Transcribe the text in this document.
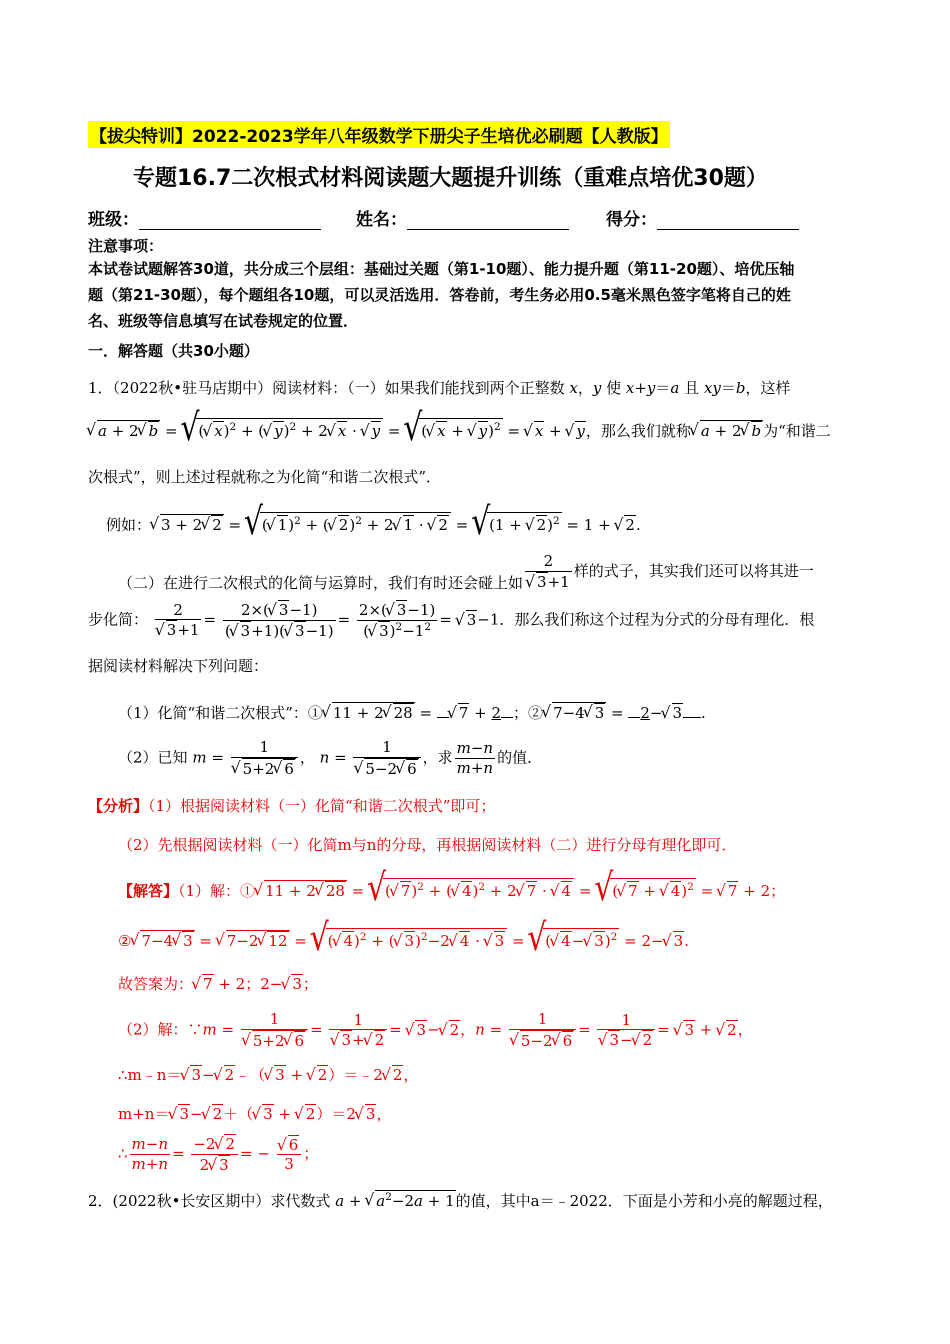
【拔尖特训】2022-2023学年八年级数学下册尖子生培优必刷题【人教版】
专题16.7二次根式材料阅读题大题提升训练（重难点培优30题）
班级：	姓名：	得分：
注意事项：
本试卷试题解答30道，共分成三个层组：基础过关题（第1-10题）、能力提升题（第11-20题）、培优压轴
题（第21-30题），每个题组各10题，可以灵活选用．答卷前，考生务必用0.5毫米黑色签字笔将自己的姓
名、班级等信息填写在试卷规定的位置．
一．解答题（共30小题）
1．（2022秋•驻马店期中）阅读材料：（一）如果我们能找到两个正整数 x，y 使 x+y＝a 且 xy＝b，这样
√ a + 2 √ b = √ ( √ x)$^2$ + ( √ y)$^2$ + 2 √ x · √ y = √ ( √ x + √ y)$^2$ = √ x + √ y，那么我们就称 √ a + 2 √ b 为“和谐二
次根式”，则上述过程就称之为化简“和谐二次根式”．
例如： √ 3 + 2 √ 2 = √ ( √ 1)$^2$ + ( √ 2)$^2$ + 2 √ 1 · √ 2 = √ (1 + √ 2)$^2$ = 1 + √ 2.
（二）在进行二次根式的化简与运算时，我们有时还会碰上如 2
√ 3+1 样的式子，其实我们还可以将其进一
步化简： 2
√ $3+1 = \frac{2\times( √ 3-1)}{( √ 3+1)( √ 3-1)} = \frac{2\times( √ 3-1)}{( √ 3)^2-1^2}$ = √ 3−1．那么我们称这个过程为分式的分母有理化．根
据阅读材料解决下列问题：
（1）化简“和谐二次根式”：① √ 11 + 2 √ 28 = √ 7 + 2 ；② √ 7−4 √ 3 = 2− √ 3 .
（2）已知 m = 1
√ 5+2 √ 6 ， n = 1
√ 5−2 √ 6 ，求 $\frac{m-n}{m+n}$ 的值．
【分析】（1）根据阅读材料（一）化简“和谐二次根式”即可；
（2）先根据阅读材料（一）化简m与n的分母，再根据阅读材料（二）进行分母有理化即可．
【解答】（1）解：① √ 11 + 2 √ 28 = √ ( √ 7)$^2$ + ( √ 4)$^2$ + 2 √ 7 · √ 4 = √ ( √ 7 + √ 4)$^2$ = √ 7 + 2；
② √ 7−4 √ 3 = √ 7−2 √ 12 = √ ( √ 4)$^2$ + ( √ 3)$^2$−2 √ 4 · √ 3 = √ ( √ 4− √ 3)$^2$ = 2− √ 3.
故答案为： √ 7 + 2；2− √ 3；
（2）解：∵m = 1
√ 5+2 √ 6 = 1
√ 3+ √ 2 = √ 3− √ 2，n = 1
√ 5−2 √ 6 = 1
√ 3− √ 2 = √ 3 + √ 2，
∴m﹣n＝ √ 3− √ 2﹣（ √ 3 + √ 2）＝﹣2 √ 2，
m+n＝ √ 3− √ 2＋（ √ 3 + √ 2）＝2 √ 3，
∴ $\frac{m-n}{m+n} = \frac{-2 √ 2}{2 √ 3}$ = − √ $\frac{6}{3}$ ；
2．(2022秋•长安区期中）求代数式 a + √ $a^2-2a + 1$的值，其中a＝﹣2022．下面是小芳和小亮的解题过程，
